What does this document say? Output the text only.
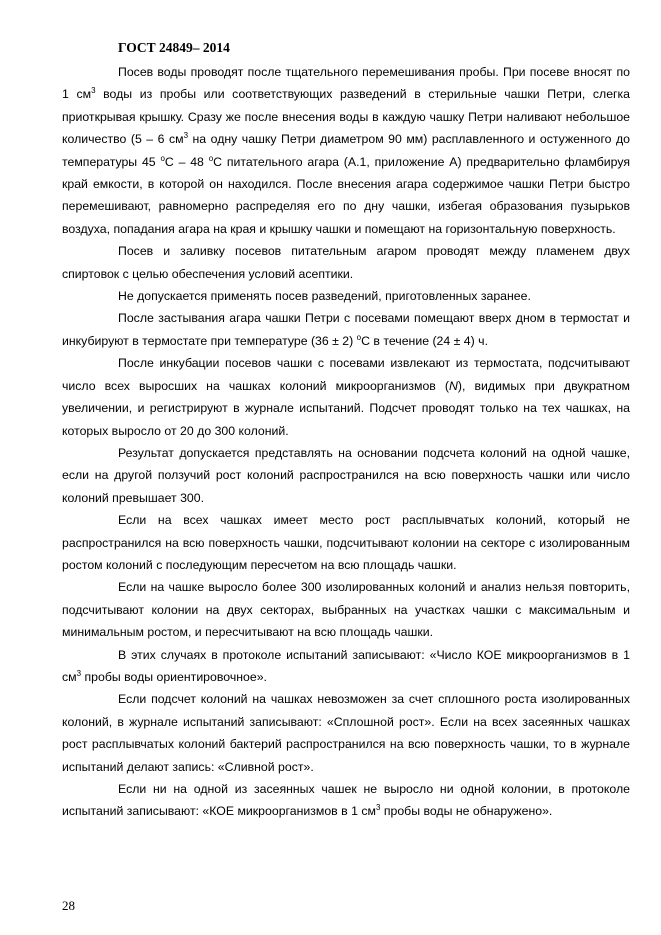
ГОСТ 24849– 2014

Посев воды проводят после тщательного перемешивания пробы. При посеве вносят по 1 $см^3$ воды из пробы или соответствующих разведений в стерильные чашки Петри, слегка приоткрывая крышку. Сразу же после внесения воды в каждую чашку Петри наливают небольшое количество (5 – 6 $см^3$ на одну чашку Петри диаметром 90 мм) расплавленного и остуженного до температуры 45 $^о$С – 48 $^о$С питательного агара (А.1, приложение А) предварительно фламбируя край емкости, в которой он находился. После внесения агара содержимое чашки Петри быстро перемешивают, равномерно распределяя его по дну чашки, избегая образования пузырьков воздуха, попадания агара на края и крышку чашки и помещают на горизонтальную поверхность.

Посев и заливку посевов питательным агаром проводят между пламенем двух спиртовок с целью обеспечения условий асептики.

Не допускается применять посев разведений, приготовленных заранее.

После застывания агара чашки Петри с посевами помещают вверх дном в термостат и инкубируют в термостате при температуре (36 ± 2) $^о$С в течение (24 ± 4) ч.

После инкубации посевов чашки с посевами извлекают из термостата, подсчитывают число всех выросших на чашках колоний микроорганизмов (N), видимых при двукратном увеличении, и регистрируют в журнале испытаний. Подсчет проводят только на тех чашках, на которых выросло от 20 до 300 колоний.

Результат допускается представлять на основании подсчета колоний на одной чашке, если на другой ползучий рост колоний распространился на всю поверхность чашки или число колоний превышает 300.

Если на всех чашках имеет место рост расплывчатых колоний, который не распространился на всю поверхность чашки, подсчитывают колонии на секторе с изолированным ростом колоний с последующим пересчетом на всю площадь чашки.

Если на чашке выросло более 300 изолированных колоний и анализ нельзя повторить, подсчитывают колонии на двух секторах, выбранных на участках чашки с максимальным и минимальным ростом, и пересчитывают на всю площадь чашки.

В этих случаях в протоколе испытаний записывают: «Число КОЕ микроорганизмов в 1 $см^3$ пробы воды ориентировочное».

Если подсчет колоний на чашках невозможен за счет сплошного роста изолированных колоний, в журнале испытаний записывают: «Сплошной рост». Если на всех засеянных чашках рост расплывчатых колоний бактерий распространился на всю поверхность чашки, то в журнале испытаний делают запись: «Сливной рост».

Если ни на одной из засеянных чашек не выросло ни одной колонии, в протоколе испытаний записывают: «КОЕ микроорганизмов в 1 $см^3$ пробы воды не обнаружено».

28
